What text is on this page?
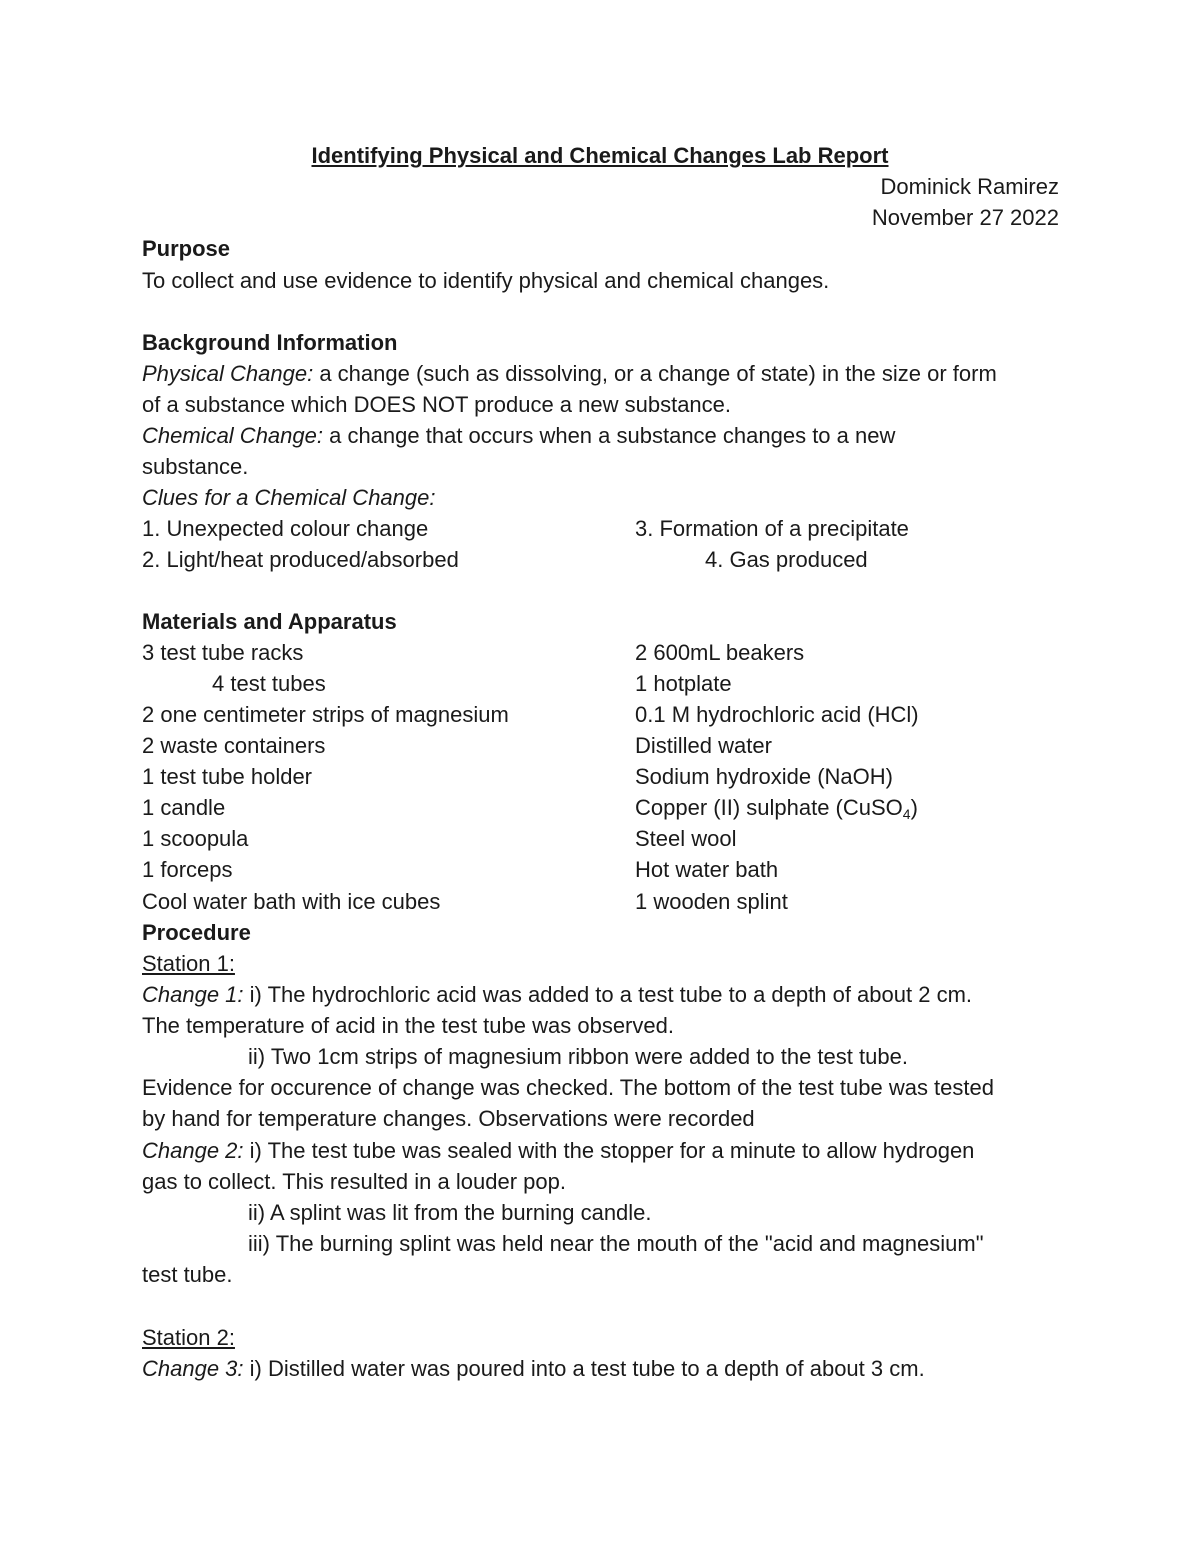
Identifying Physical and Chemical Changes Lab Report
Dominick Ramirez
November 27 2022
Purpose
To collect and use evidence to identify physical and chemical changes.
Background Information
Physical Change: a change (such as dissolving, or a change of state) in the size or form
of a substance which DOES NOT produce a new substance.
Chemical Change: a change that occurs when a substance changes to a new
substance.
Clues for a Chemical Change:
1. Unexpected colour change	3. Formation of a precipitate
2. Light/heat produced/absorbed	4. Gas produced
Materials and Apparatus
3 test tube racks
4 test tubes
2 one centimeter strips of magnesium
2 waste containers
1 test tube holder
1 candle
1 scoopula
1 forceps
Cool water bath with ice cubes
2 600mL beakers
1 hotplate
0.1 M hydrochloric acid (HCl)
Distilled water
Sodium hydroxide (NaOH)
Copper (II) sulphate (CuSO$_4$)
Steel wool
Hot water bath
1 wooden splint
Procedure
Station 1:
Change 1: i) The hydrochloric acid was added to a test tube to a depth of about 2 cm.
The temperature of acid in the test tube was observed.
ii) Two 1cm strips of magnesium ribbon were added to the test tube.
Evidence for occurence of change was checked. The bottom of the test tube was tested
by hand for temperature changes. Observations were recorded
Change 2: i) The test tube was sealed with the stopper for a minute to allow hydrogen
gas to collect. This resulted in a louder pop.
ii) A splint was lit from the burning candle.
iii) The burning splint was held near the mouth of the "acid and magnesium"
test tube.
Station 2:
Change 3: i) Distilled water was poured into a test tube to a depth of about 3 cm.
